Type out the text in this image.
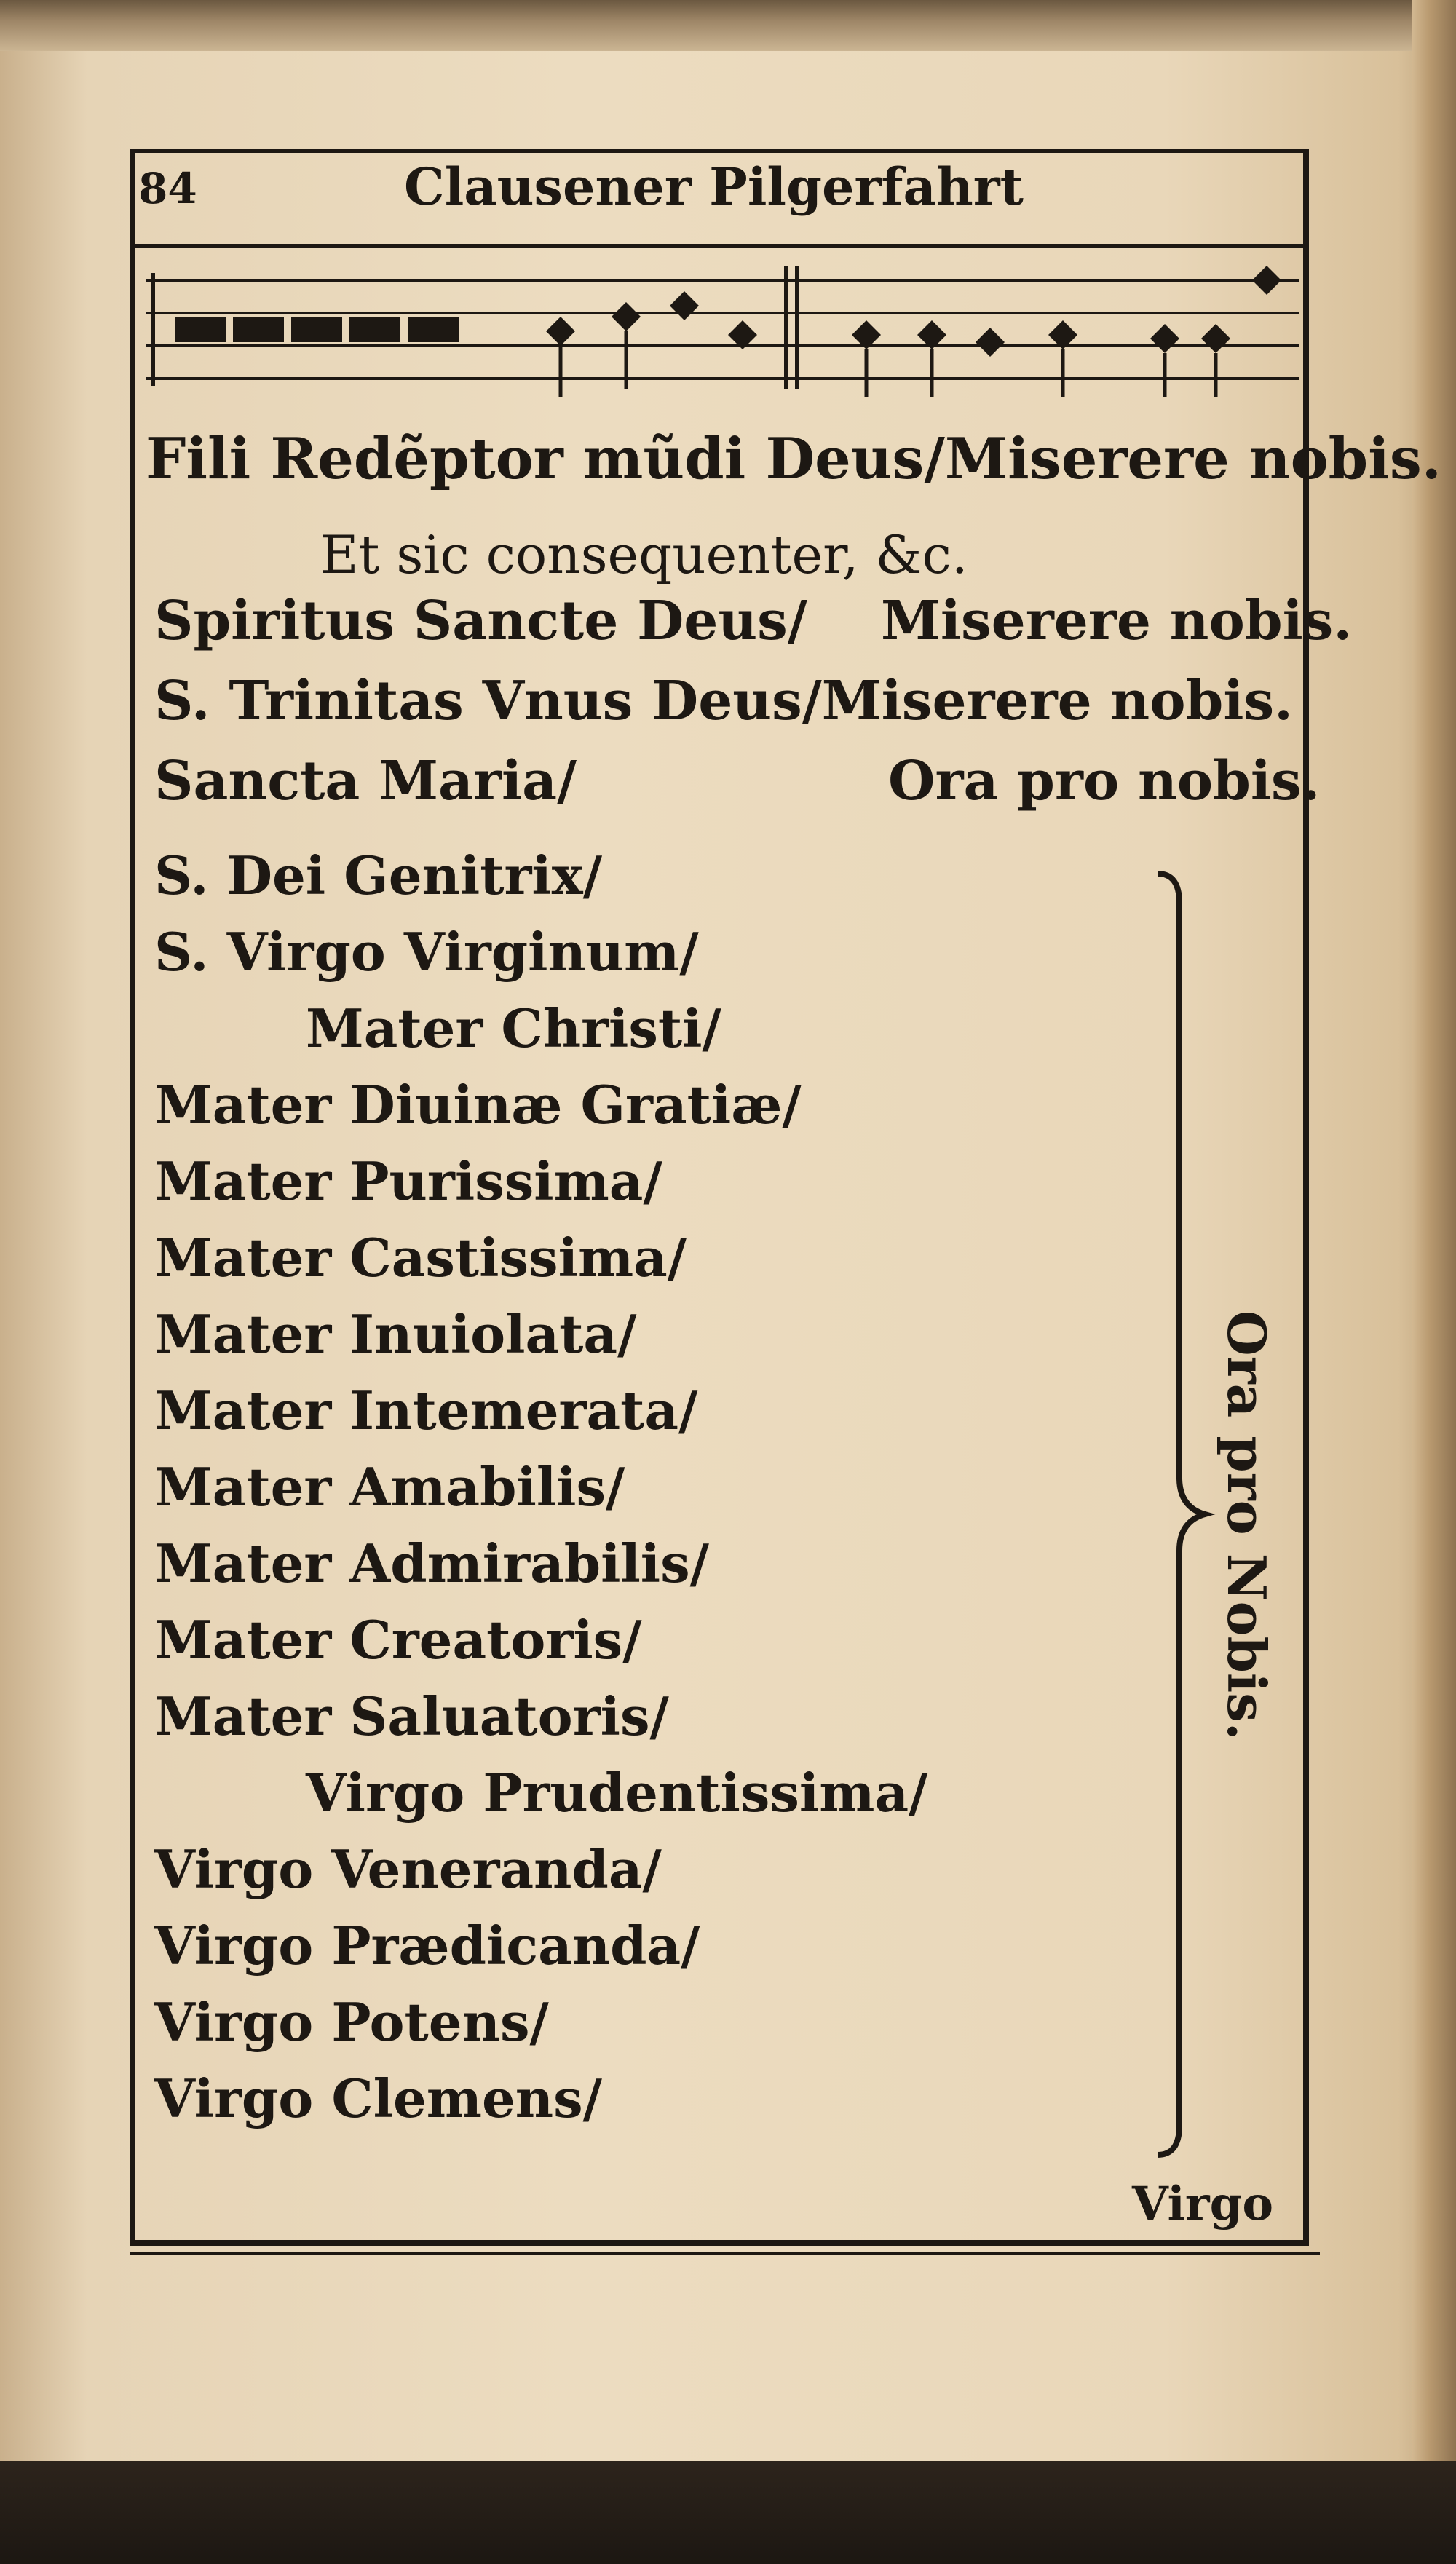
84	Clausener Pilgerfahrt
Fili Redẽptor mũdi Deus/Miserere nobis.
Et sic consequenter, &c.
Spiritus Sancte Deus/ Miserere nobis.
S. Trinitas Vnus Deus/Miserere nobis.
Sancta Maria/	Ora pro nobis.
S. Dei Genitrix/
S. Virgo Virginum/
Mater Christi/
Mater Diuinæ Gratiæ/
Mater Purissima/
Mater Castissima/
Mater Inuiolata/
Mater Intemerata/
Mater Amabilis/
Mater Admirabilis/
Mater Creatoris/
Mater Saluatoris/
Virgo Prudentissima/
Virgo Veneranda/
Virgo Prædicanda/
Virgo Potens/
Virgo Clemens/
Ora pro Nobis.
Virgo
